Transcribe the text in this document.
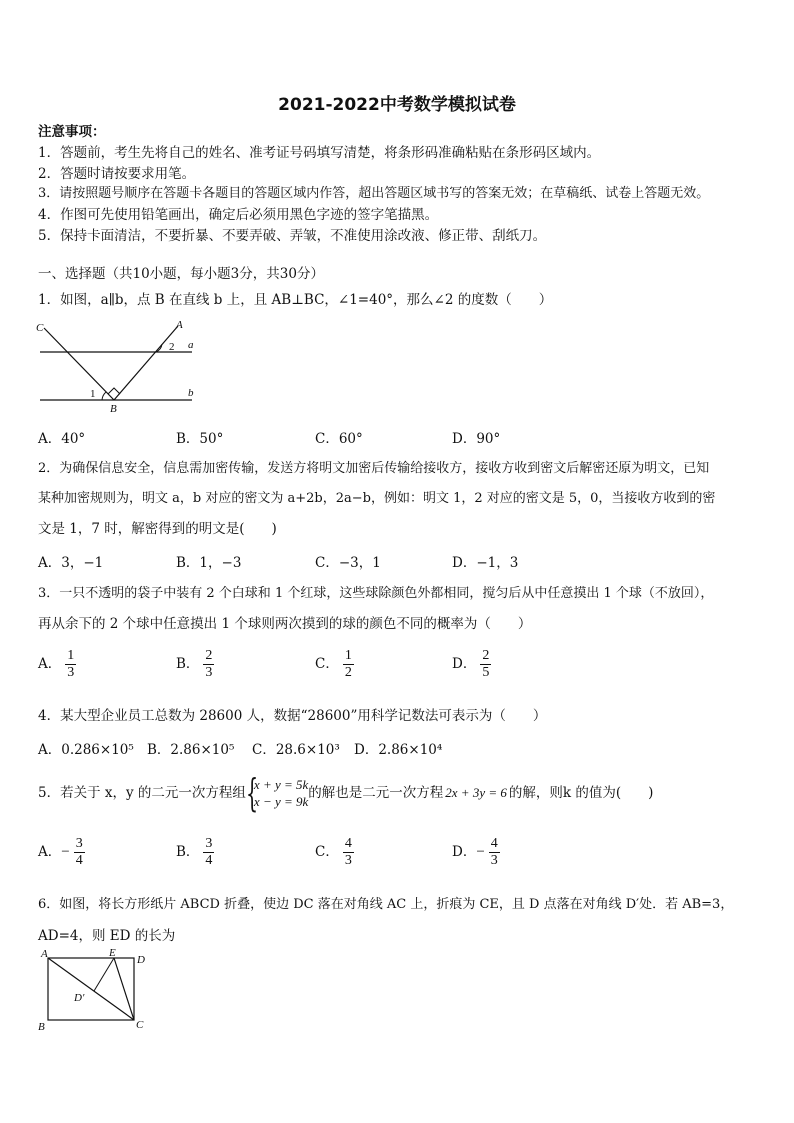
2021-2022中考数学模拟试卷
注意事项：
1．答题前，考生先将自己的姓名、准考证号码填写清楚，将条形码准确粘贴在条形码区域内。
2．答题时请按要求用笔。
3．请按照题号顺序在答题卡各题目的答题区域内作答，超出答题区域书写的答案无效；在草稿纸、试卷上答题无效。
4．作图可先使用铅笔画出，确定后必须用黑色字迹的签字笔描黑。
5．保持卡面清洁，不要折暴、不要弄破、弄皱，不准使用涂改液、修正带、刮纸刀。
一、选择题（共10小题，每小题3分，共30分）
1．如图，a∥b，点 B 在直线 b 上，且 AB⊥BC，∠1=40°，那么∠2 的度数（　　）
C	A
a
b
B
1
2
A．40°	B．50°	C．60°	D．90°
2．为确保信息安全，信息需加密传输，发送方将明文加密后传输给接收方，接收方收到密文后解密还原为明文，已知
某种加密规则为，明文 a，b 对应的密文为 a+2b，2a−b，例如：明文 1，2 对应的密文是 5，0，当接收方收到的密
文是 1，7 时，解密得到的明文是(　　)
A．3，−1	B．1，−3	C．−3，1	D．−1，3
3．一只不透明的袋子中装有 2 个白球和 1 个红球，这些球除颜色外都相同，搅匀后从中任意摸出 1 个球（不放回），
再从余下的 2 个球中任意摸出 1 个球则两次摸到的球的颜色不同的概率为（　　）
A． $\frac{1}{3}$	B． $\frac{2}{3}$	C． $\frac{1}{2}$	D． $\frac{2}{5}$
4．某大型企业员工总数为 28600 人，数据“28600”用科学记数法可表示为（　　）
A．0.286×10⁵ B．2.86×10⁵ C．28.6×10³ D．2.86×10⁴
5．若关于 x，y 的二元一次方程组 {
x + y = 5k
x − y = 9k
的解也是二元一次方程 2x + 3y = 6 的解，则k 的值为(　　)
A．− $\frac{3}{4}$	B． $\frac{3}{4}$	C． $\frac{4}{3}$	D．− $\frac{4}{3}$
6．如图，将长方形纸片 ABCD 折叠，使边 DC 落在对角线 AC 上，折痕为 CE，且 D 点落在对角线 D′处．若 AB=3，
AD=4，则 ED 的长为
A	E
D
D′
B	C
